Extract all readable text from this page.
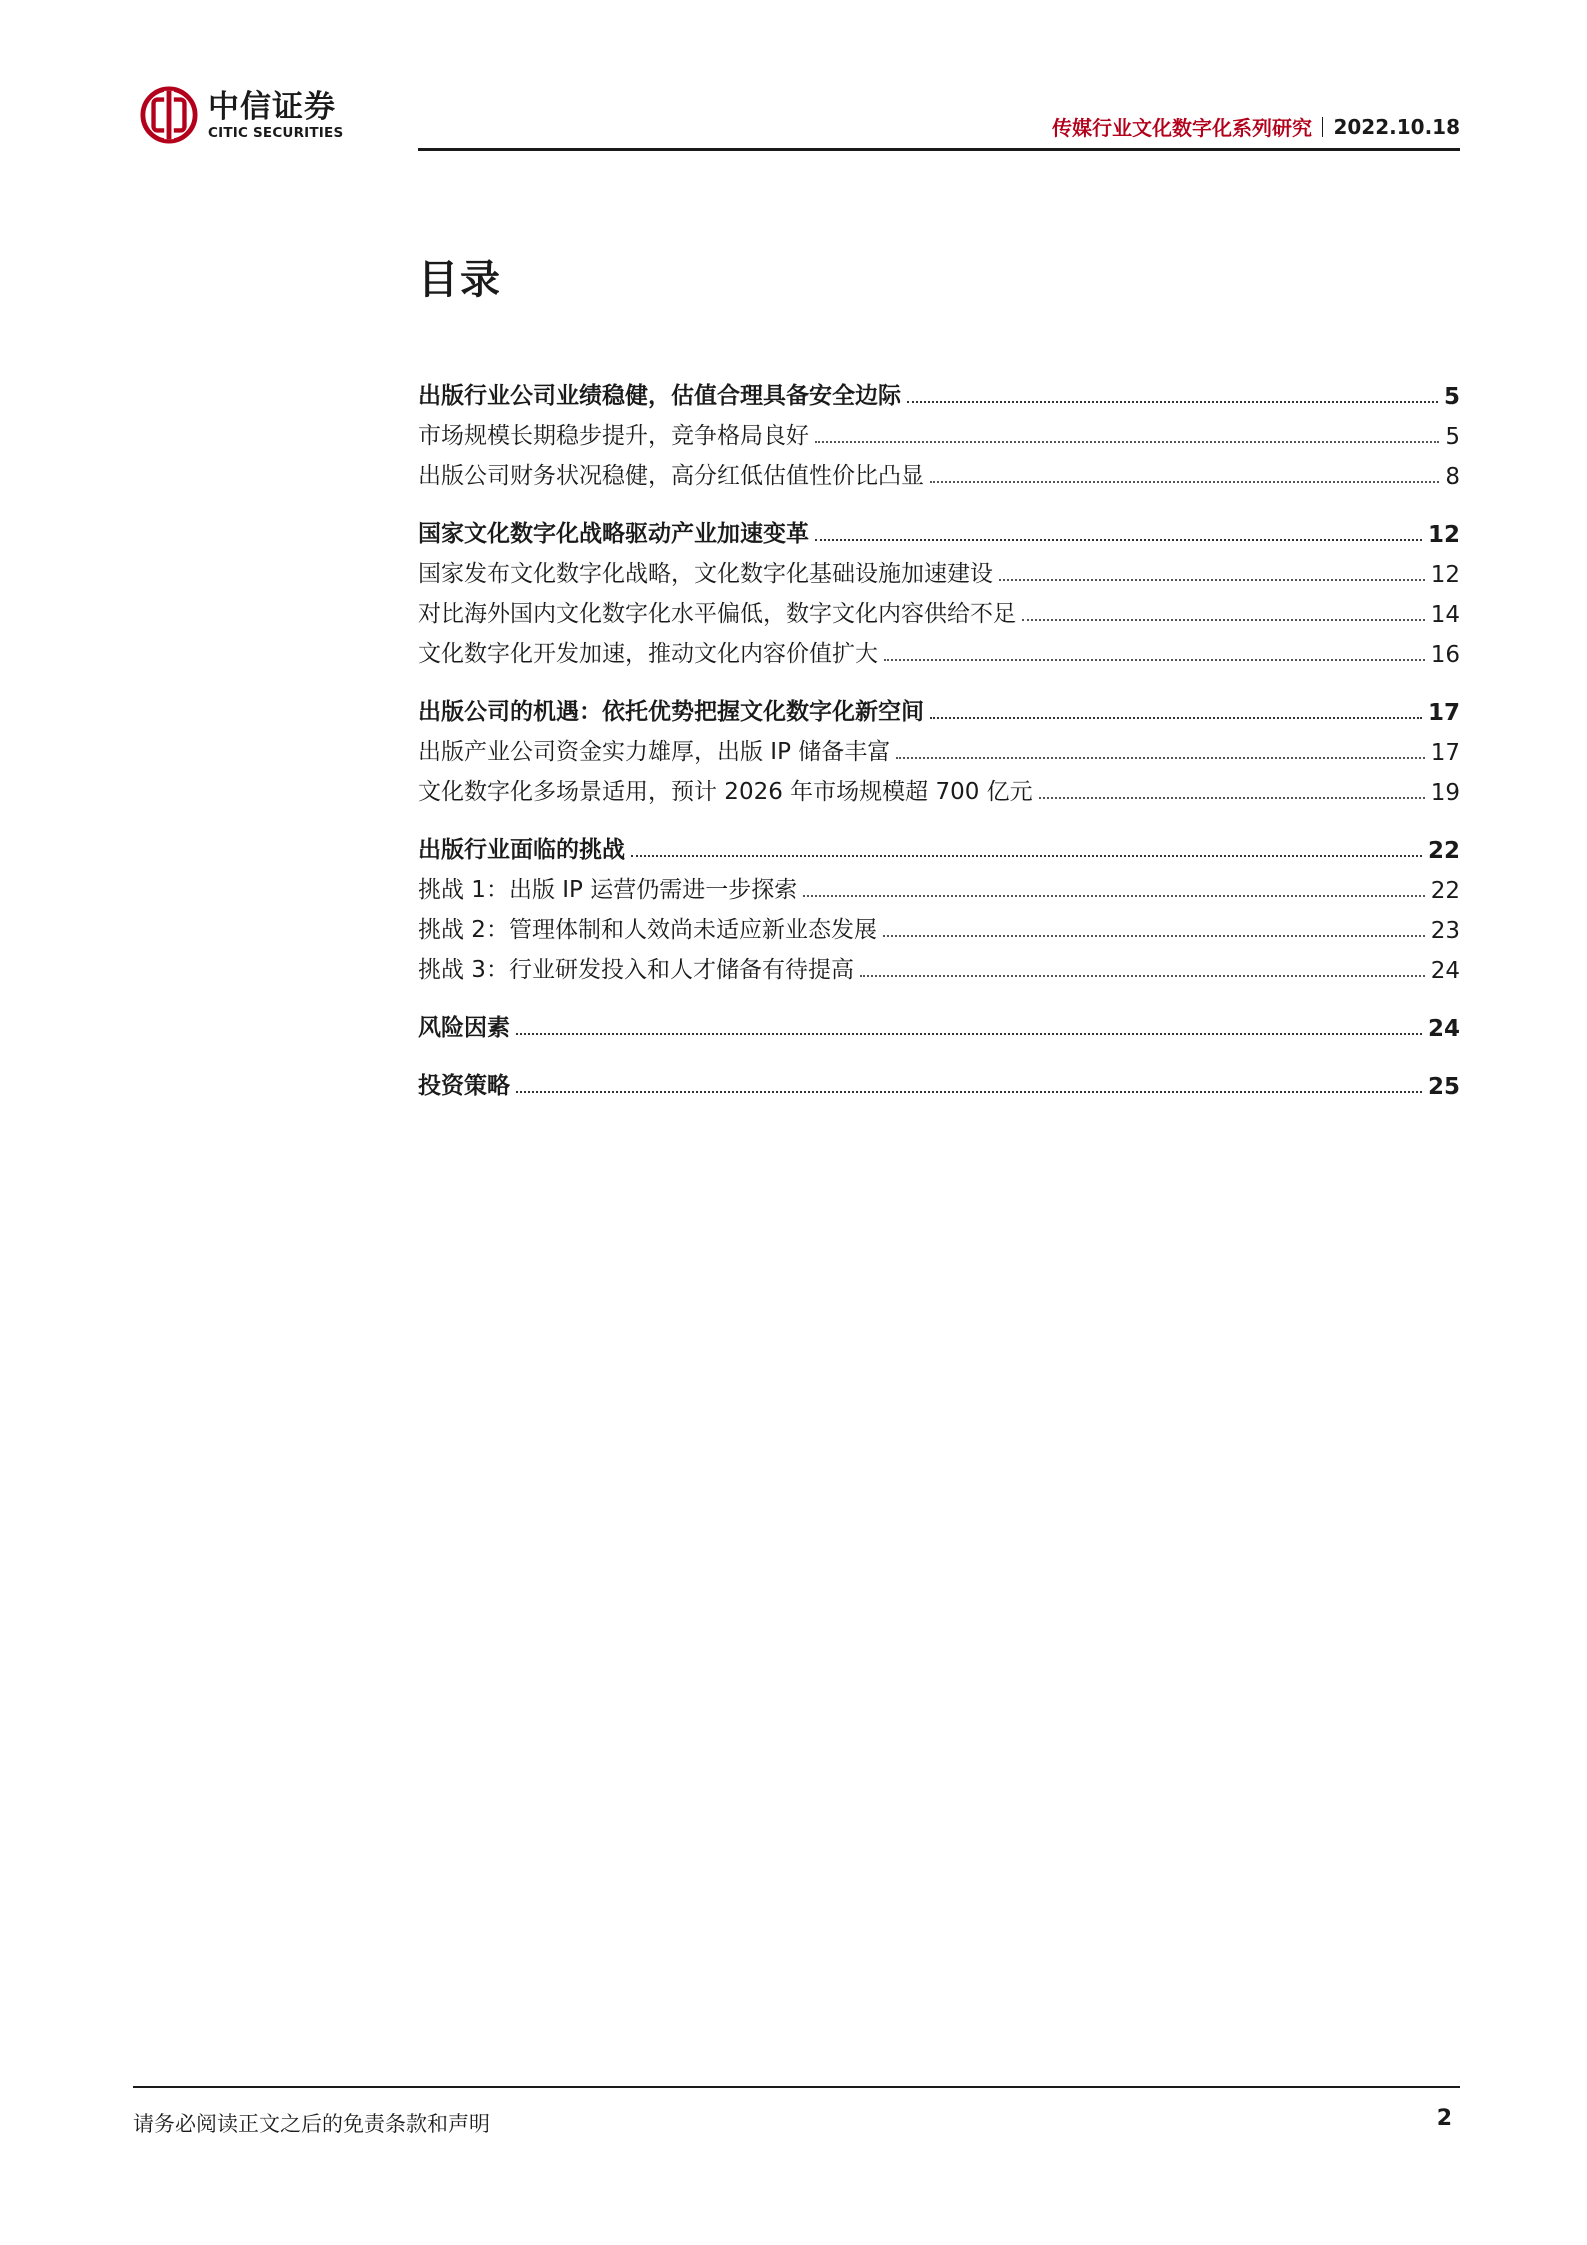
中信证券
CITIC SECURITIES	传媒行业文化数字化系列研究 2022.10.18
目录
出版行业公司业绩稳健，估值合理具备安全边际	5
市场规模长期稳步提升，竞争格局良好	5
出版公司财务状况稳健，高分红低估值性价比凸显	8
国家文化数字化战略驱动产业加速变革	12
国家发布文化数字化战略，文化数字化基础设施加速建设	12
对比海外国内文化数字化水平偏低，数字文化内容供给不足	14
文化数字化开发加速，推动文化内容价值扩大	16
出版公司的机遇：依托优势把握文化数字化新空间	17
出版产业公司资金实力雄厚，出版 IP 储备丰富	17
文化数字化多场景适用，预计 2026 年市场规模超 700 亿元	19
出版行业面临的挑战	22
挑战 1：出版 IP 运营仍需进一步探索	22
挑战 2：管理体制和人效尚未适应新业态发展	23
挑战 3：行业研发投入和人才储备有待提高	24
风险因素	24
投资策略	25
请务必阅读正文之后的免责条款和声明	2
